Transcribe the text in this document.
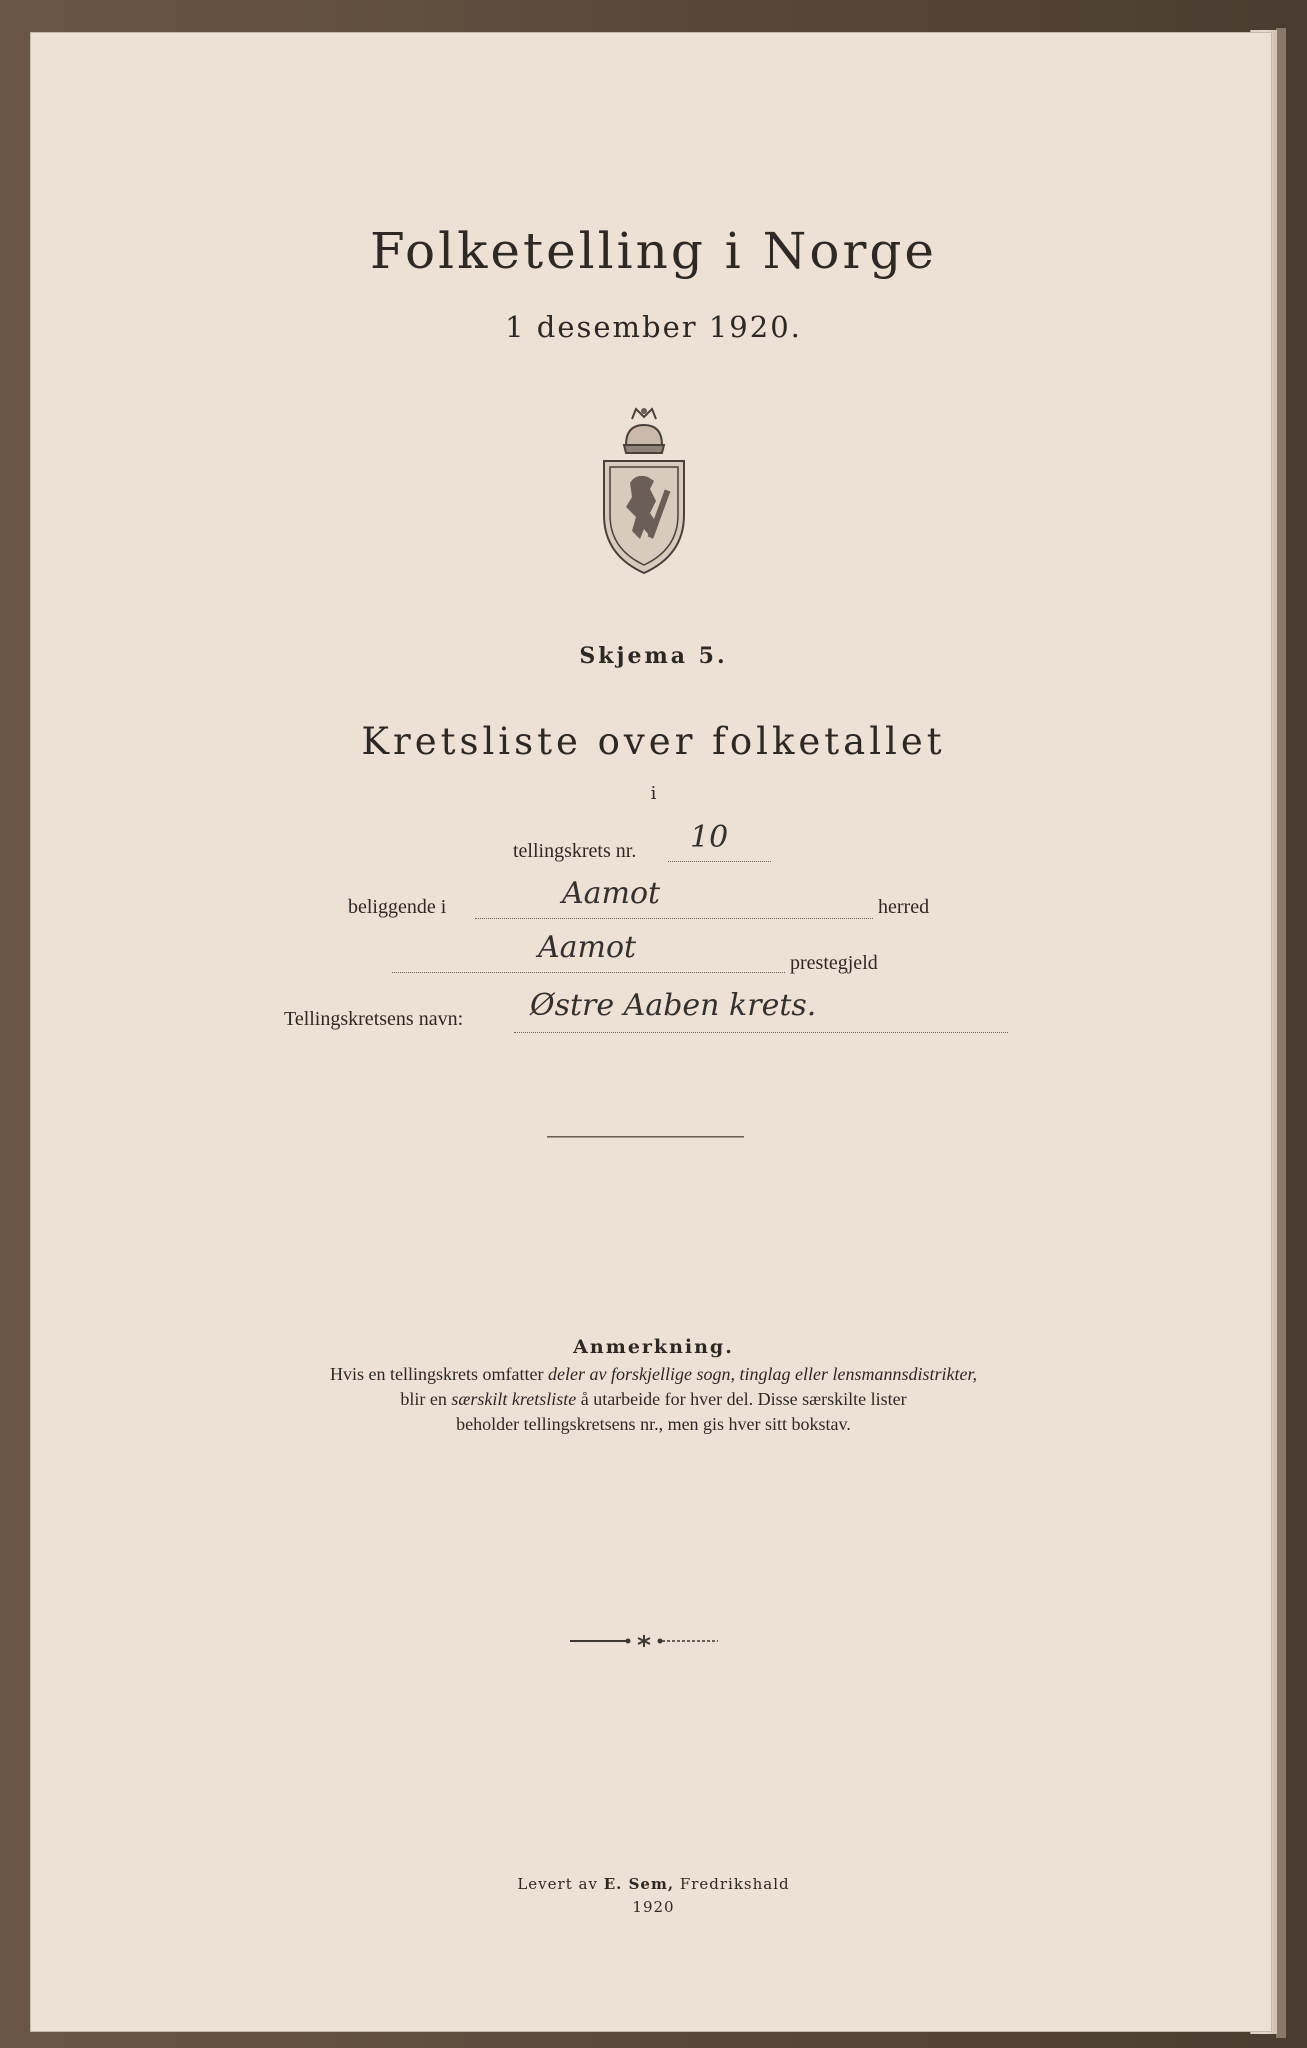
Folketelling i Norge
1 desember 1920.
Skjema 5.
Kretsliste over folketallet
i
tellingskrets nr. 10
beliggende i	Aamot	herred
Aamot	prestegjeld
Tellingskretsens navn: Østre Aaben krets.
Anmerkning.
Hvis en tellingskrets omfatter deler av forskjellige sogn, tinglag eller lensmannsdistrikter,
blir en særskilt kretsliste å utarbeide for hver del. Disse særskilte lister
beholder tellingskretsens nr., men gis hver sitt bokstav.
Levert av E. Sem, Fredrikshald
1920
